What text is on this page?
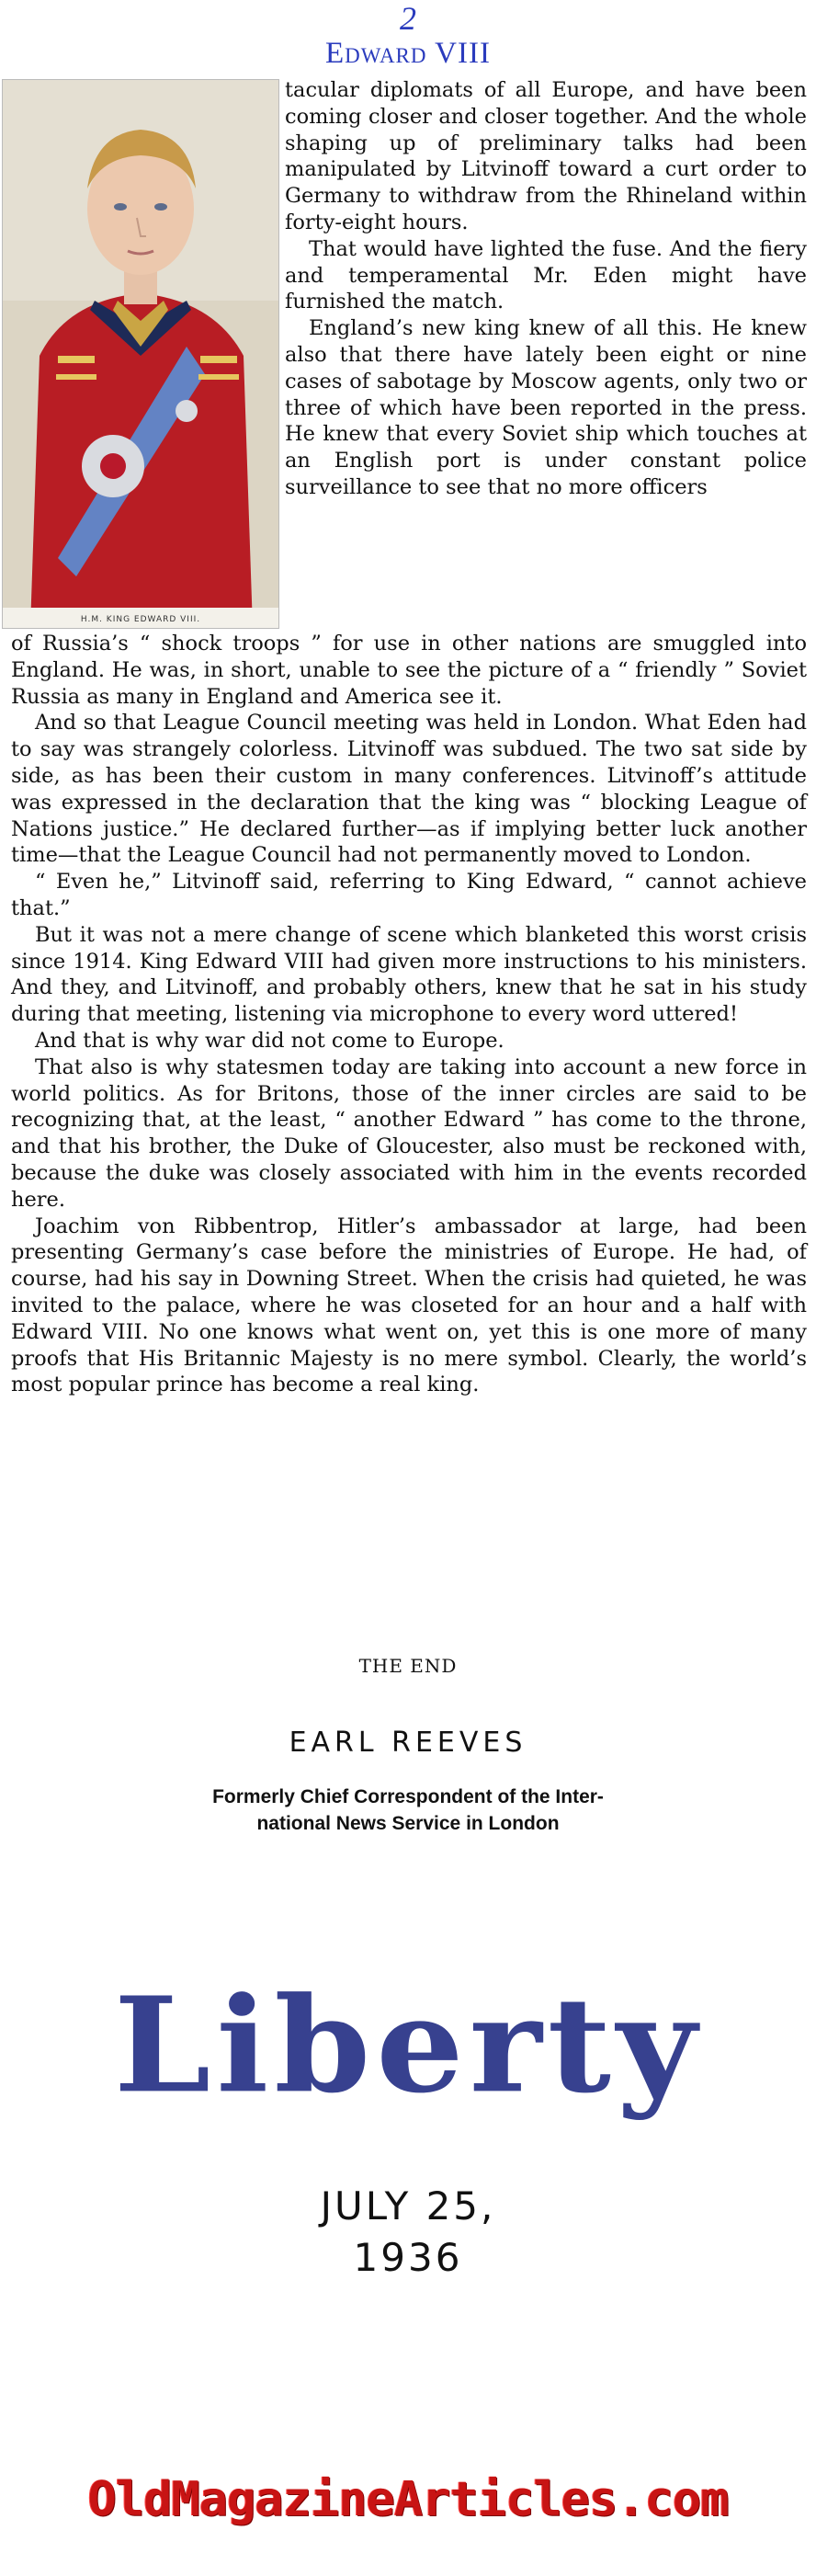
2
Edward VIII
H.M. KING EDWARD VIII.

tacular diplomats of all Europe, and have been coming closer and closer together. And the whole shaping up of preliminary talks had been manipulated by Litvinoff toward a curt order to Germany to withdraw from the Rhineland within forty-eight hours.

That would have lighted the fuse. And the fiery and temperamental Mr. Eden might have furnished the match.

England’s new king knew of all this. He knew also that there have lately been eight or nine cases of sabotage by Moscow agents, only two or three of which have been reported in the press. He knew that every Soviet ship which touches at an English port is under constant police surveillance to see that no more officers

of Russia’s “ shock troops ” for use in other nations are smuggled into England. He was, in short, unable to see the picture of a “ friendly ” Soviet Russia as many in England and America see it.

And so that League Council meeting was held in London. What Eden had to say was strangely colorless. Litvinoff was subdued. The two sat side by side, as has been their custom in many conferences. Litvinoff’s attitude was expressed in the declaration that the king was “ blocking League of Nations justice.” He declared further—as if implying better luck another time—that the League Council had not permanently moved to London.

“ Even he,” Litvinoff said, referring to King Edward, “ cannot achieve that.”

But it was not a mere change of scene which blanketed this worst crisis since 1914. King Edward VIII had given more instructions to his ministers. And they, and Litvinoff, and probably others, knew that he sat in his study during that meeting, listening via microphone to every word uttered!

And that is why war did not come to Europe.

That also is why statesmen today are taking into account a new force in world politics. As for Britons, those of the inner circles are said to be recognizing that, at the least, “ another Edward ” has come to the throne, and that his brother, the Duke of Gloucester, also must be reckoned with, because the duke was closely associated with him in the events recorded here.

Joachim von Ribbentrop, Hitler’s ambassador at large, had been presenting Germany’s case before the ministries of Europe. He had, of course, had his say in Downing Street. When the crisis had quieted, he was invited to the palace, where he was closeted for an hour and a half with Edward VIII. No one knows what went on, yet this is one more of many proofs that His Britannic Majesty is no mere symbol. Clearly, the world’s most popular prince has become a real king.

THE END
EARL REEVES
Formerly Chief Correspondent of the Inter-
national News Service in London
Liberty
JULY 25,
1936
OldMagazineArticles.com
